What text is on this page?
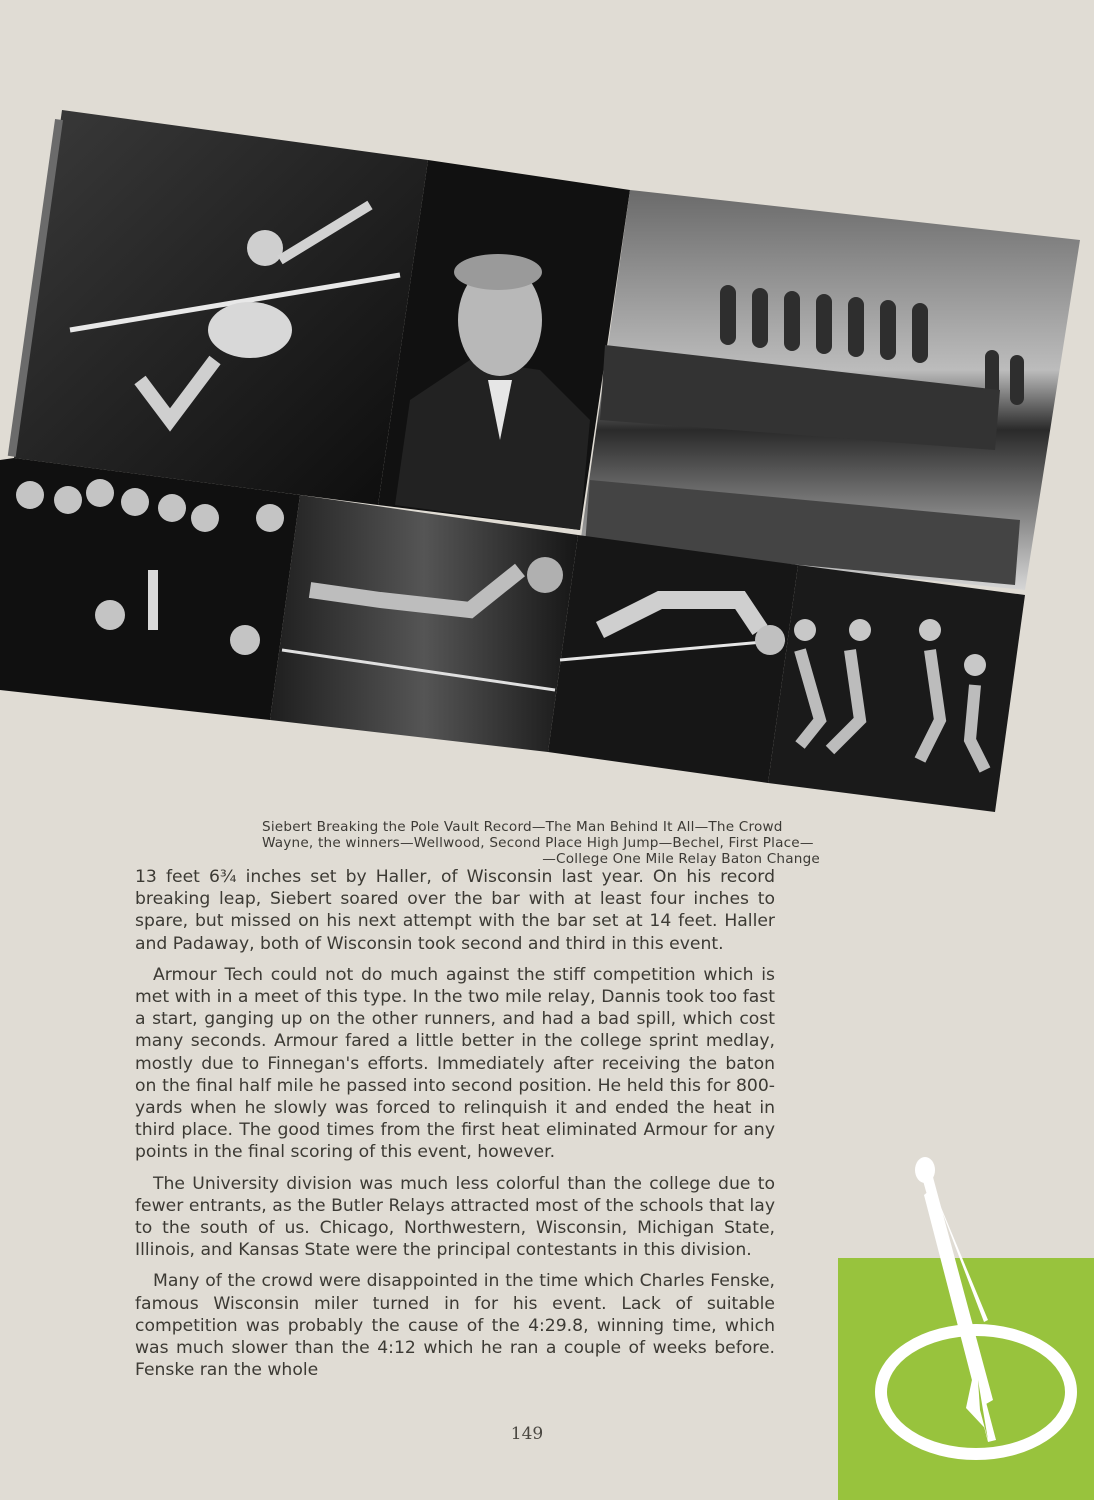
Siebert Breaking the Pole Vault Record—The Man Behind It All—The Crowd
Wayne, the winners—Wellwood, Second Place High Jump—Bechel, First Place—
—College One Mile Relay Baton Change

13 feet 6¾ inches set by Haller, of Wisconsin last year. On his record breaking leap, Siebert soared over the bar with at least four inches to spare, but missed on his next attempt with the bar set at 14 feet. Haller and Padaway, both of Wisconsin took second and third in this event.

Armour Tech could not do much against the stiff competition which is met with in a meet of this type. In the two mile relay, Dannis took too fast a start, ganging up on the other runners, and had a bad spill, which cost many seconds. Armour fared a little better in the college sprint medlay, mostly due to Finnegan's efforts. Immediately after receiving the baton on the final half mile he passed into second position. He held this for 800-yards when he slowly was forced to relinquish it and ended the heat in third place. The good times from the first heat eliminated Armour for any points in the final scoring of this event, however.

The University division was much less colorful than the college due to fewer entrants, as the Butler Relays attracted most of the schools that lay to the south of us. Chicago, Northwestern, Wisconsin, Michigan State, Illinois, and Kansas State were the principal contestants in this division.

Many of the crowd were disappointed in the time which Charles Fenske, famous Wisconsin miler turned in for his event. Lack of suitable competition was probably the cause of the 4:29.8, winning time, which was much slower than the 4:12 which he ran a couple of weeks before. Fenske ran the whole

149
